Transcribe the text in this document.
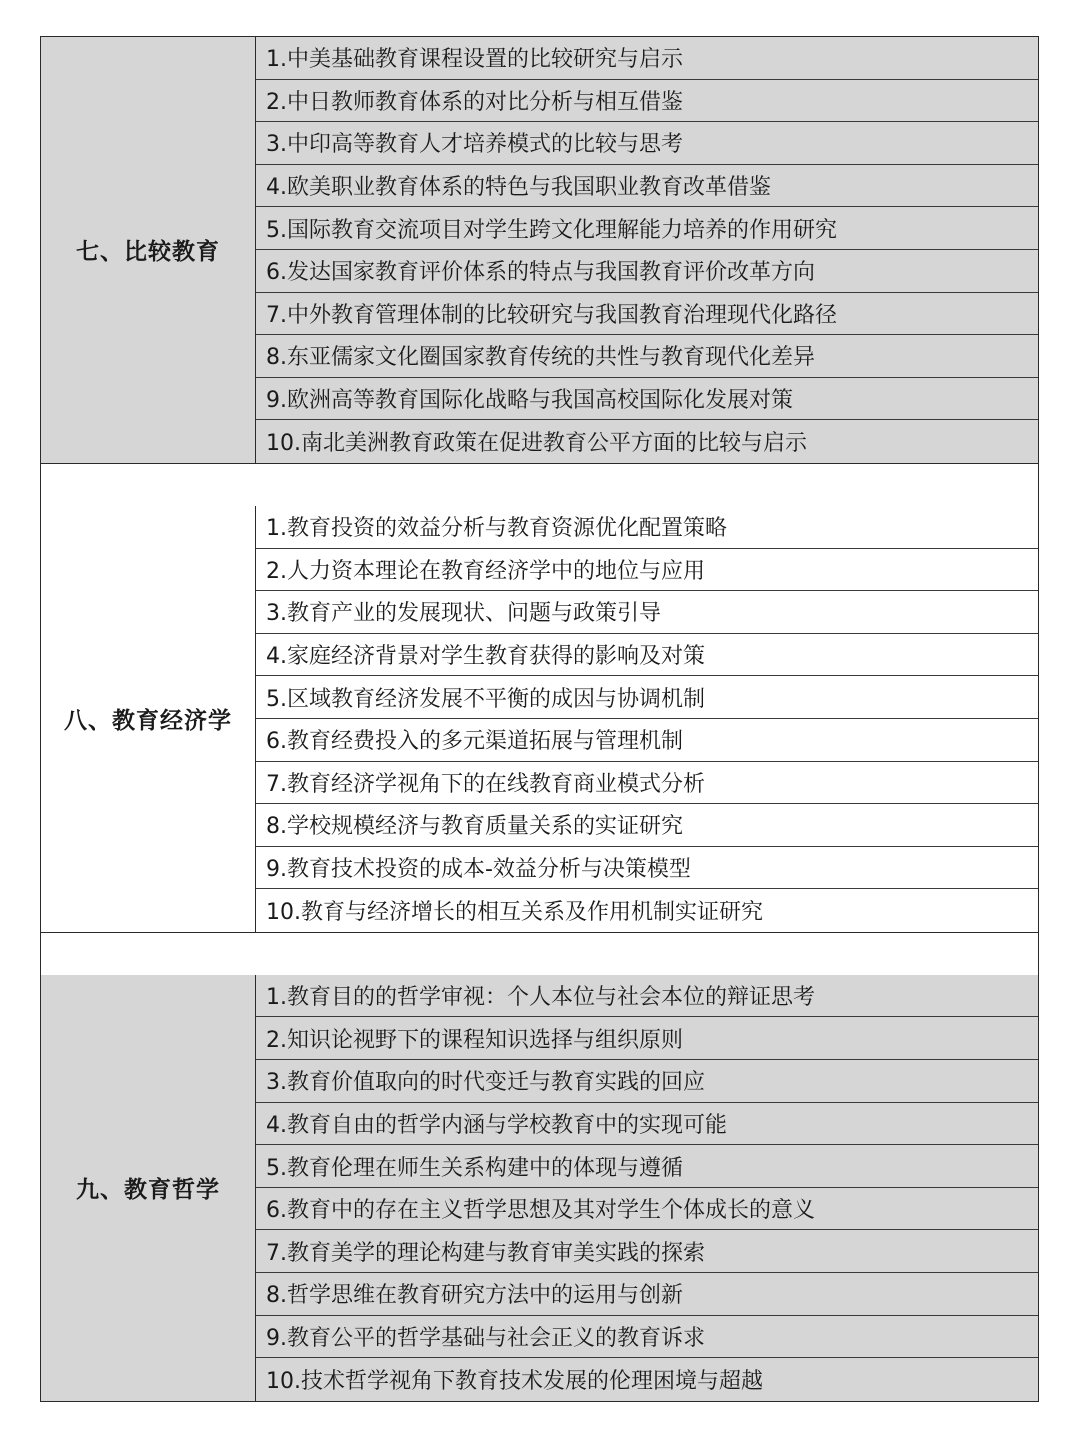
七、比较教育
1.中美基础教育课程设置的比较研究与启示
2.中日教师教育体系的对比分析与相互借鉴
3.中印高等教育人才培养模式的比较与思考
4.欧美职业教育体系的特色与我国职业教育改革借鉴
5.国际教育交流项目对学生跨文化理解能力培养的作用研究
6.发达国家教育评价体系的特点与我国教育评价改革方向
7.中外教育管理体制的比较研究与我国教育治理现代化路径
8.东亚儒家文化圈国家教育传统的共性与教育现代化差异
9.欧洲高等教育国际化战略与我国高校国际化发展对策
10.南北美洲教育政策在促进教育公平方面的比较与启示
八、教育经济学
1.教育投资的效益分析与教育资源优化配置策略
2.人力资本理论在教育经济学中的地位与应用
3.教育产业的发展现状、问题与政策引导
4.家庭经济背景对学生教育获得的影响及对策
5.区域教育经济发展不平衡的成因与协调机制
6.教育经费投入的多元渠道拓展与管理机制
7.教育经济学视角下的在线教育商业模式分析
8.学校规模经济与教育质量关系的实证研究
9.教育技术投资的成本-效益分析与决策模型
10.教育与经济增长的相互关系及作用机制实证研究
九、教育哲学
1.教育目的的哲学审视：个人本位与社会本位的辩证思考
2.知识论视野下的课程知识选择与组织原则
3.教育价值取向的时代变迁与教育实践的回应
4.教育自由的哲学内涵与学校教育中的实现可能
5.教育伦理在师生关系构建中的体现与遵循
6.教育中的存在主义哲学思想及其对学生个体成长的意义
7.教育美学的理论构建与教育审美实践的探索
8.哲学思维在教育研究方法中的运用与创新
9.教育公平的哲学基础与社会正义的教育诉求
10.技术哲学视角下教育技术发展的伦理困境与超越
